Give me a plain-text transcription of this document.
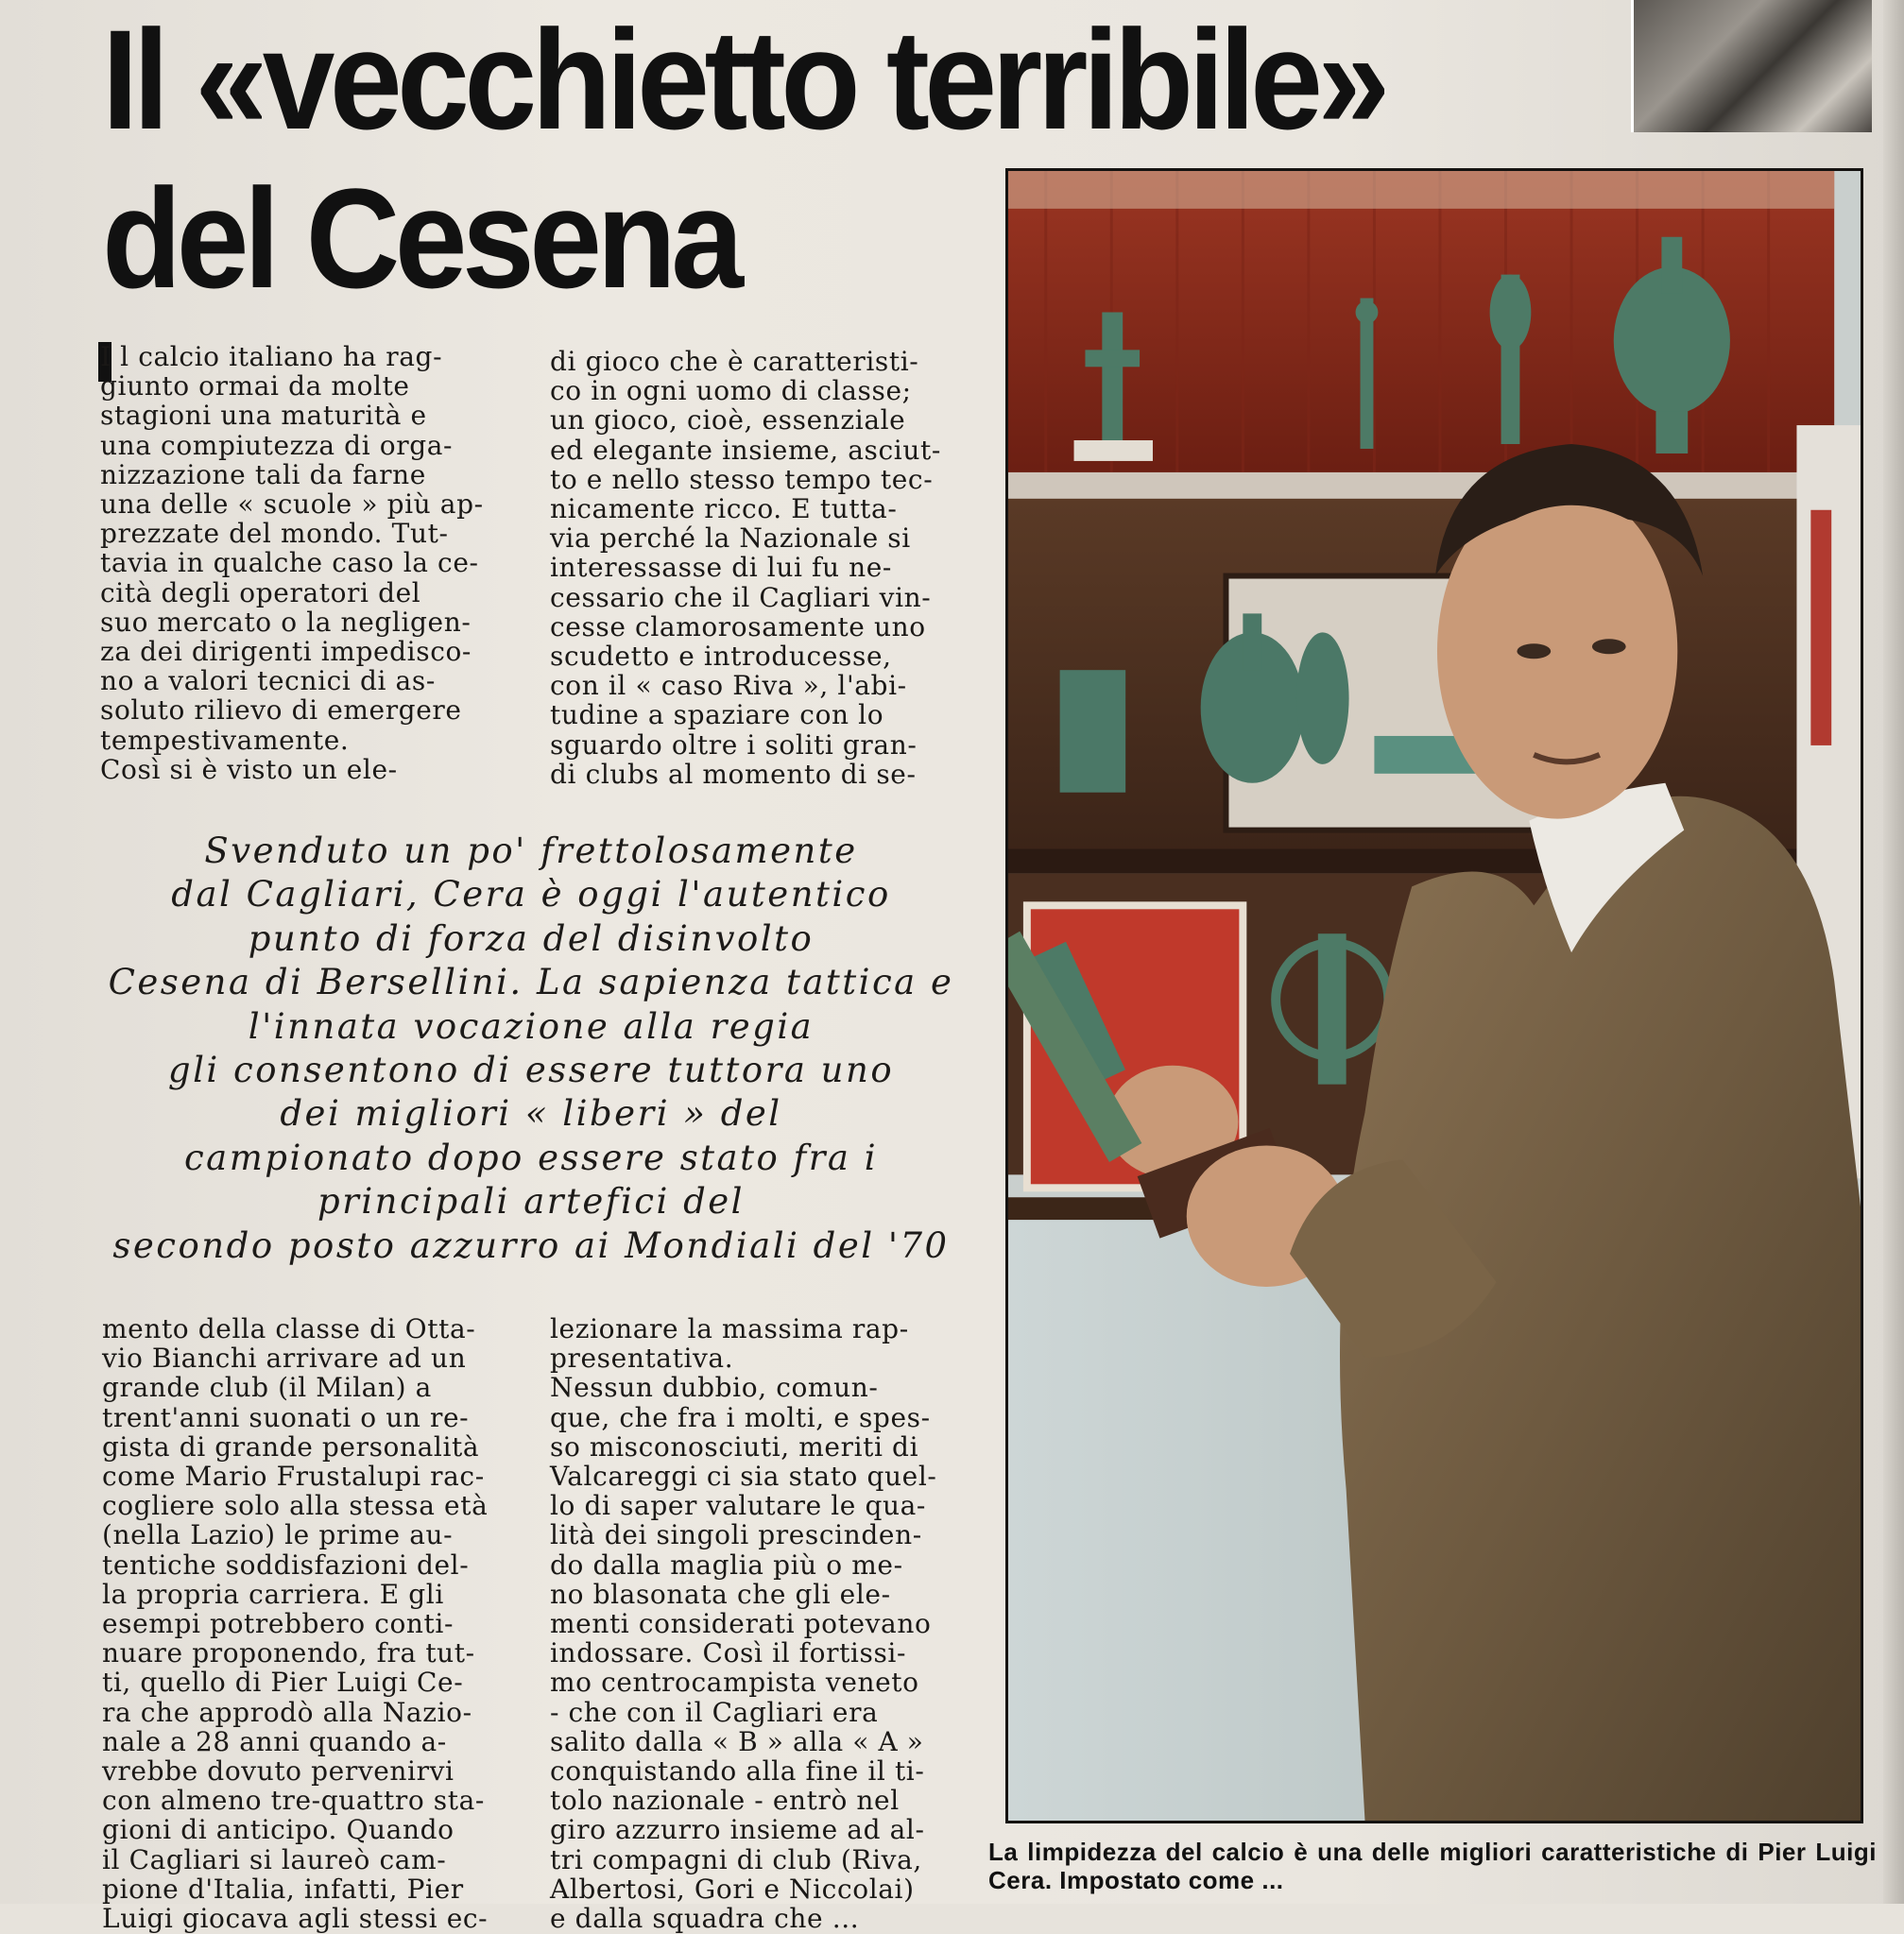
Il «vecchietto terribile»
del Cesena
I l calcio italiano ha rag-
giunto ormai da molte
stagioni una maturità e
una compiutezza di orga-
nizzazione tali da farne
una delle « scuole » più ap-
prezzate del mondo. Tut-
tavia in qualche caso la ce-
cità degli operatori del
suo mercato o la negligen-
za dei dirigenti impedisco-
no a valori tecnici di as-
soluto rilievo di emergere
tempestivamente.
Così si è visto un ele-
di gioco che è caratteristi-
co in ogni uomo di classe;
un gioco, cioè, essenziale
ed elegante insieme, asciut-
to e nello stesso tempo tec-
nicamente ricco. E tutta-
via perché la Nazionale si
interessasse di lui fu ne-
cessario che il Cagliari vin-
cesse clamorosamente uno
scudetto e introducesse,
con il « caso Riva », l'abi-
tudine a spaziare con lo
sguardo oltre i soliti gran-
di clubs al momento di se-
Svenduto un po' frettolosamente
dal Cagliari, Cera è oggi l'autentico
punto di forza del disinvolto
Cesena di Bersellini. La sapienza tattica e
l'innata vocazione alla regia
gli consentono di essere tuttora uno
dei migliori « liberi » del
campionato dopo essere stato fra i
principali artefici del
secondo posto azzurro ai Mondiali del '70
mento della classe di Otta-
vio Bianchi arrivare ad un
grande club (il Milan) a
trent'anni suonati o un re-
gista di grande personalità
come Mario Frustalupi rac-
cogliere solo alla stessa età
(nella Lazio) le prime au-
tentiche soddisfazioni del-
la propria carriera. E gli
esempi potrebbero conti-
nuare proponendo, fra tut-
ti, quello di Pier Luigi Ce-
ra che approdò alla Nazio-
nale a 28 anni quando a-
vrebbe dovuto pervenirvi
con almeno tre-quattro sta-
gioni di anticipo. Quando
il Cagliari si laureò cam-
pione d'Italia, infatti, Pier
Luigi giocava agli stessi ec-
lezionare la massima rap-
presentativa.
Nessun dubbio, comun-
que, che fra i molti, e spes-
so misconosciuti, meriti di
Valcareggi ci sia stato quel-
lo di saper valutare le qua-
lità dei singoli prescinden-
do dalla maglia più o me-
no blasonata che gli ele-
menti considerati potevano
indossare. Così il fortissi-
mo centrocampista veneto
- che con il Cagliari era
salito dalla « B » alla « A »
conquistando alla fine il ti-
tolo nazionale - entrò nel
giro azzurro insieme ad al-
tri compagni di club (Riva,
Albertosi, Gori e Niccolai)
e dalla squadra che ...
La limpidezza del calcio è una delle migliori caratteristiche di Pier Luigi Cera. Impostato come ...
